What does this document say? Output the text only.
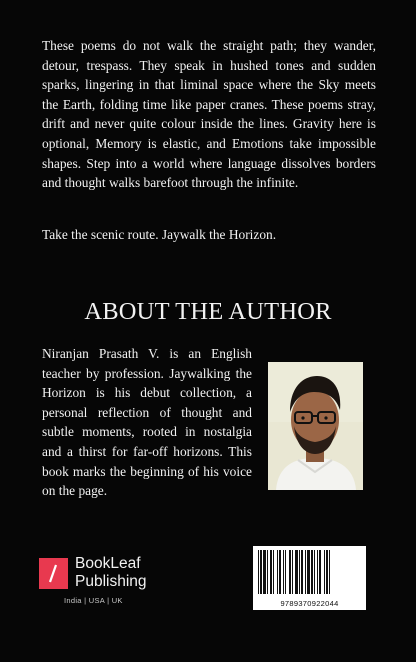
These poems do not walk the straight path; they wander, detour, trespass. They speak in hushed tones and sudden sparks, lingering in that liminal space where the Sky meets the Earth, folding time like paper cranes. These poems stray, drift and never quite colour inside the lines. Gravity here is optional, Memory is elastic, and Emotions take impossible shapes. Step into a world where language dissolves borders and thought walks barefoot through the infinite.

Take the scenic route. Jaywalk the Horizon.

ABOUT THE AUTHOR

Niranjan Prasath V. is an English teacher by profession. Jaywalking the Horizon is his debut collection, a personal reflection of thought and subtle moments, rooted in nostalgia and a thirst for far-off horizons. This book marks the beginning of his voice on the page.

BookLeaf
Publishing
India | USA | UK	9789370922044
